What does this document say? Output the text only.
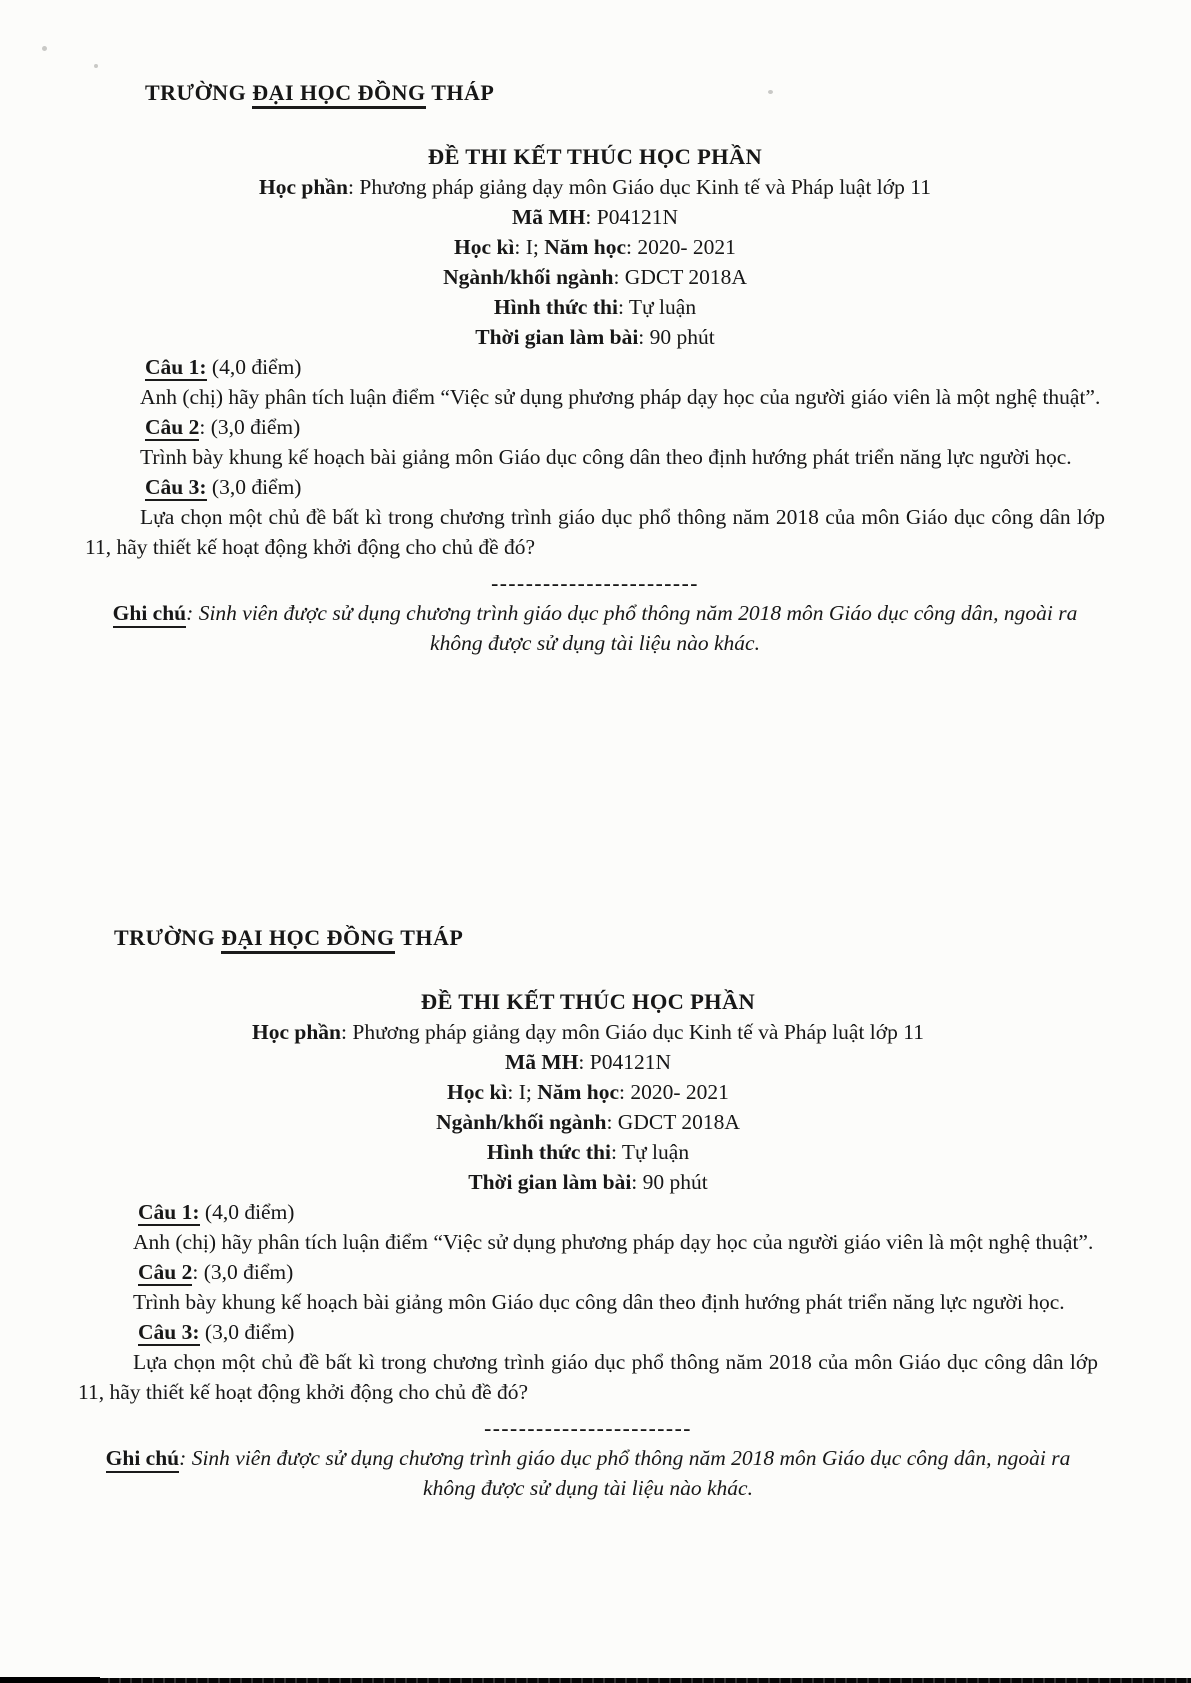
TRƯỜNG ĐẠI HỌC ĐỒNG THÁP
ĐỀ THI KẾT THÚC HỌC PHẦN
Học phần: Phương pháp giảng dạy môn Giáo dục Kinh tế và Pháp luật lớp 11
Mã MH: P04121N
Học kì: I; Năm học: 2020- 2021
Ngành/khối ngành: GDCT 2018A
Hình thức thi: Tự luận
Thời gian làm bài: 90 phút
Câu 1: (4,0 điểm)

Anh (chị) hãy phân tích luận điểm “Việc sử dụng phương pháp dạy học của người giáo viên là một nghệ thuật”.

Câu 2: (3,0 điểm)

Trình bày khung kế hoạch bài giảng môn Giáo dục công dân theo định hướng phát triển năng lực người học.

Câu 3: (3,0 điểm)

Lựa chọn một chủ đề bất kì trong chương trình giáo dục phổ thông năm 2018 của môn Giáo dục công dân lớp 11, hãy thiết kế hoạt động khởi động cho chủ đề đó?

------------------------

Ghi chú: Sinh viên được sử dụng chương trình giáo dục phổ thông năm 2018 môn Giáo dục công dân, ngoài ra không được sử dụng tài liệu nào khác.

TRƯỜNG ĐẠI HỌC ĐỒNG THÁP
ĐỀ THI KẾT THÚC HỌC PHẦN
Học phần: Phương pháp giảng dạy môn Giáo dục Kinh tế và Pháp luật lớp 11
Mã MH: P04121N
Học kì: I; Năm học: 2020- 2021
Ngành/khối ngành: GDCT 2018A
Hình thức thi: Tự luận
Thời gian làm bài: 90 phút
Câu 1: (4,0 điểm)

Anh (chị) hãy phân tích luận điểm “Việc sử dụng phương pháp dạy học của người giáo viên là một nghệ thuật”.

Câu 2: (3,0 điểm)

Trình bày khung kế hoạch bài giảng môn Giáo dục công dân theo định hướng phát triển năng lực người học.

Câu 3: (3,0 điểm)

Lựa chọn một chủ đề bất kì trong chương trình giáo dục phổ thông năm 2018 của môn Giáo dục công dân lớp 11, hãy thiết kế hoạt động khởi động cho chủ đề đó?

------------------------

Ghi chú: Sinh viên được sử dụng chương trình giáo dục phổ thông năm 2018 môn Giáo dục công dân, ngoài ra không được sử dụng tài liệu nào khác.
